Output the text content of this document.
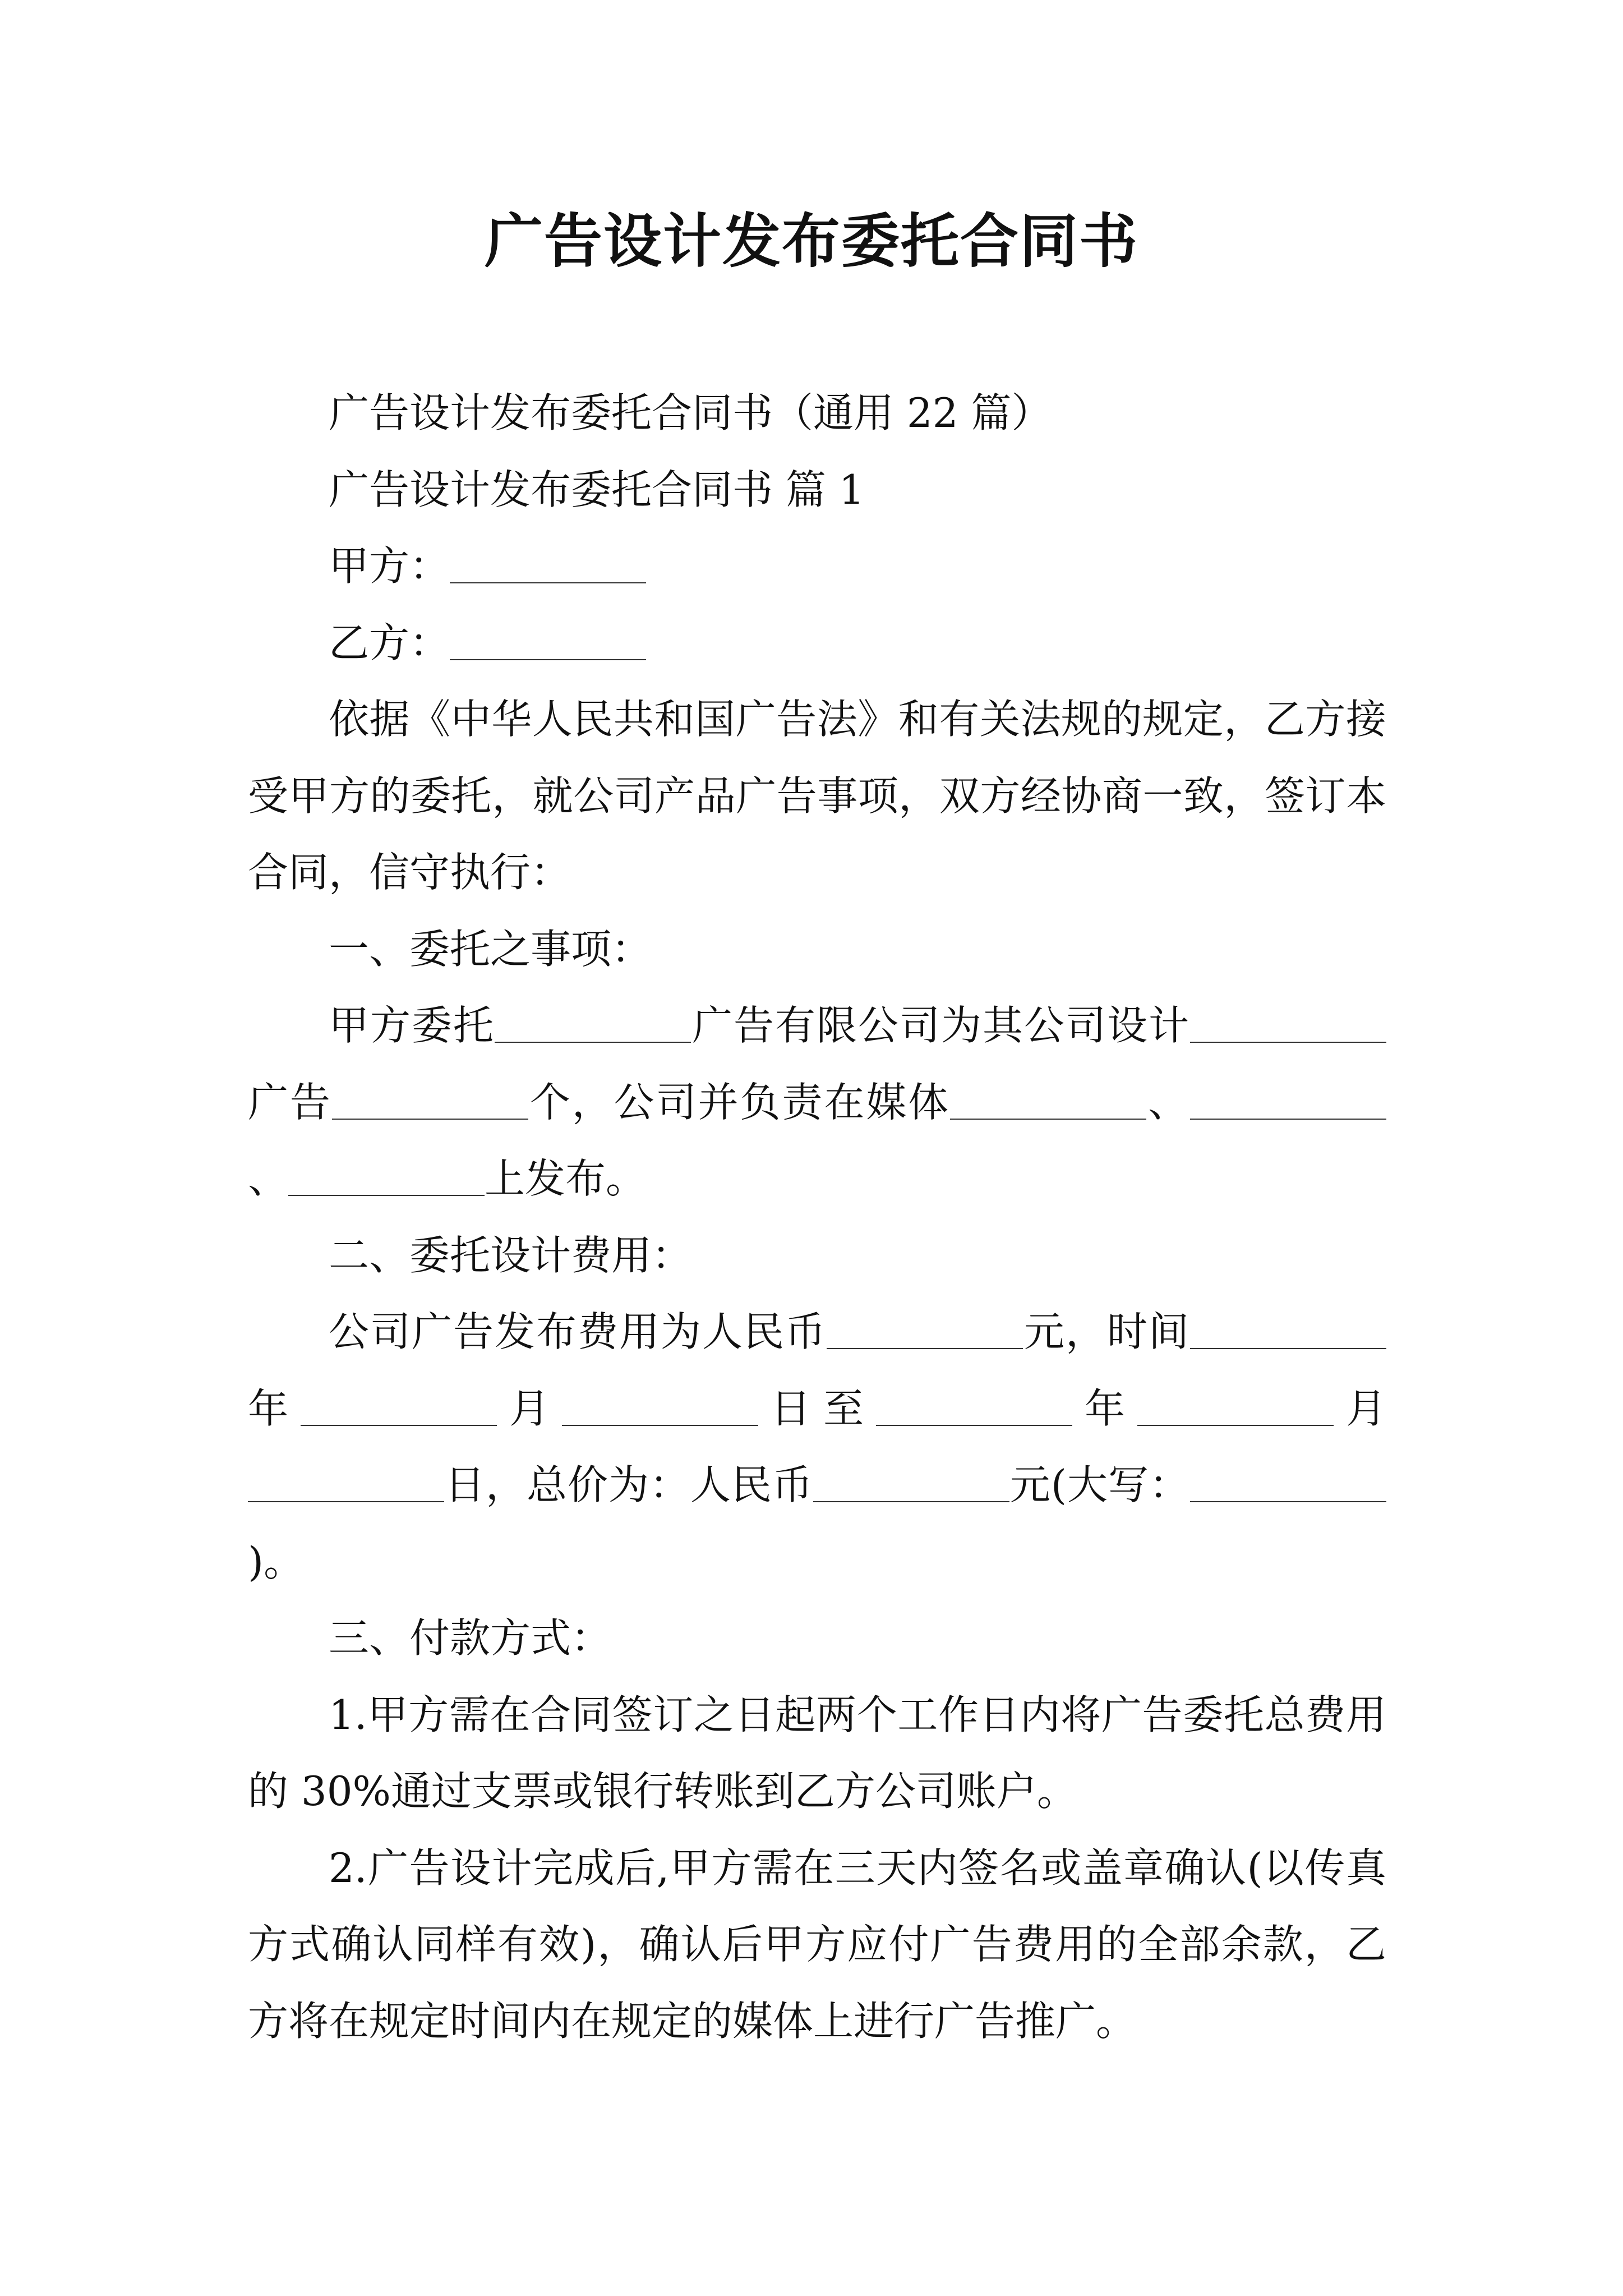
广告设计发布委托合同书

广告设计发布委托合同书（通用 22 篇）

广告设计发布委托合同书 篇 1

甲方：

乙方：

依据《中华人民共和国广告法》和有关法规的规定，乙方接受甲方的委托，就公司产品广告事项，双方经协商一致，签订本合同，信守执行：

一、委托之事项：

甲方委托	广告有限公司为其公司设计广告	个，公司并负责在媒体	、、	上发布。

二、委托设计费用：

公司广告发布费用为人民币	元，时间年	月	日至	年	月日，总价为：人民币	元(大写：)。

三、付款方式：

1.甲方需在合同签订之日起两个工作日内将广告委托总费用的 30%通过支票或银行转账到乙方公司账户。

2.广告设计完成后,甲方需在三天内签名或盖章确认(以传真方式确认同样有效)，确认后甲方应付广告费用的全部余款，乙方将在规定时间内在规定的媒体上进行广告推广。
